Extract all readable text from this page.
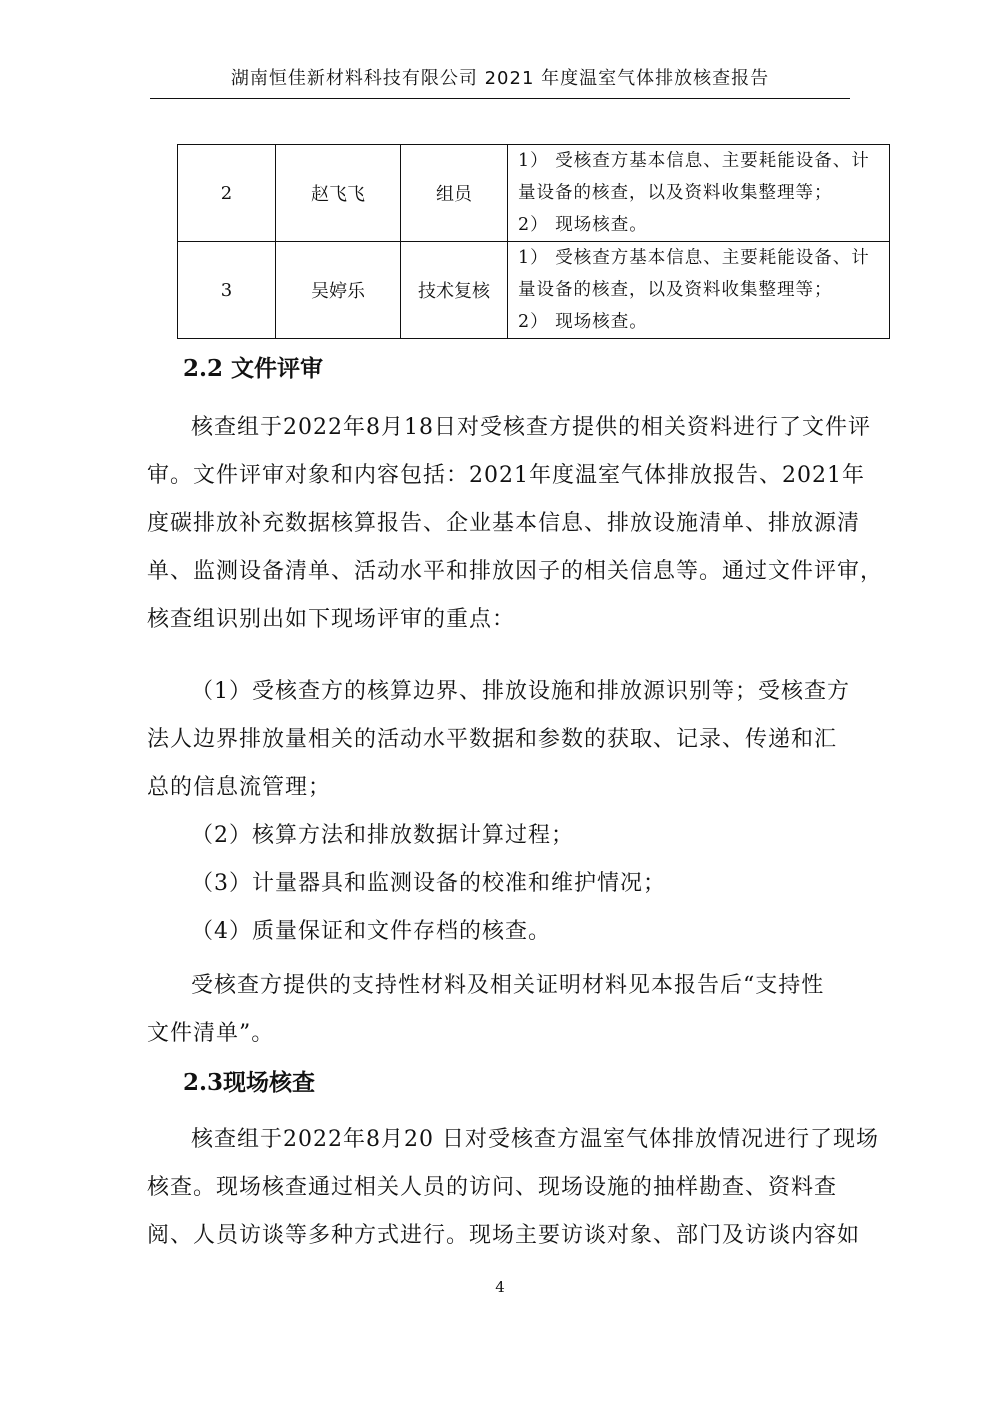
湖南恒佳新材料科技有限公司 2021 年度温室气体排放核查报告
2	赵飞飞	组员	1） 受核查方基本信息、主要耗能设备、计
量设备的核查，以及资料收集整理等；
2） 现场核查。

3	吴婷乐	技术复核	1） 受核查方基本信息、主要耗能设备、计
量设备的核查，以及资料收集整理等；
2） 现场核查。
2.2 文件评审
核查组于2022年8月18日对受核查方提供的相关资料进行了文件评
审。文件评审对象和内容包括：2021年度温室气体排放报告、2021年
度碳排放补充数据核算报告、企业基本信息、排放设施清单、排放源清
单、监测设备清单、活动水平和排放因子的相关信息等。通过文件评审，
核查组识别出如下现场评审的重点：
（1）受核查方的核算边界、排放设施和排放源识别等；受核查方
法人边界排放量相关的活动水平数据和参数的获取、记录、传递和汇
总的信息流管理；
（2）核算方法和排放数据计算过程；
（3）计量器具和监测设备的校准和维护情况；
（4）质量保证和文件存档的核查。
受核查方提供的支持性材料及相关证明材料见本报告后“支持性
文件清单”。
2.3现场核查
核查组于2022年8月20 日对受核查方温室气体排放情况进行了现场
核查。现场核查通过相关人员的访问、现场设施的抽样勘查、资料查
阅、人员访谈等多种方式进行。现场主要访谈对象、部门及访谈内容如
4
